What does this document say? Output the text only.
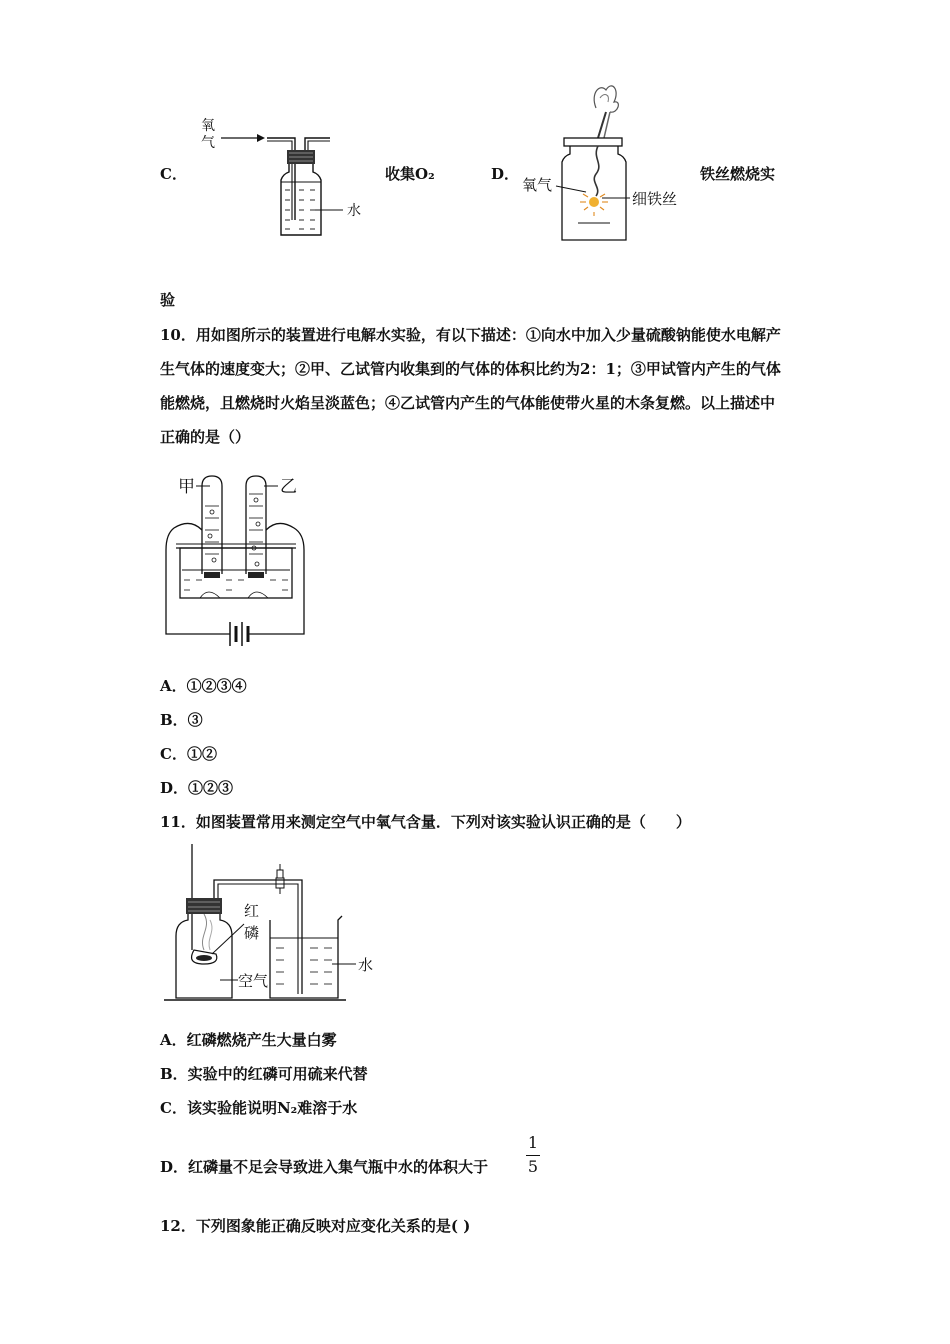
C．
氧
气
水
收集O₂	D．
氧气
细铁丝
铁丝燃烧实
验
10．用如图所示的装置进行电解水实验，有以下描述：①向水中加入少量硫酸钠能使水电解产生气体的速度变大；②甲、乙试管内收集到的气体的体积比约为2：1；③甲试管内产生的气体能燃烧，且燃烧时火焰呈淡蓝色；④乙试管内产生的气体能使带火星的木条复燃。以上描述中正确的是（）
甲	乙
A．①②③④
B．③
C．①②
D．①②③
11．如图装置常用来测定空气中氧气含量．下列对该实验认识正确的是（　　）
红
磷
空气
水
A．红磷燃烧产生大量白雾
B．实验中的红磷可用硫来代替
C．该实验能说明N₂难溶于水
D．红磷量不足会导致进入集气瓶中水的体积大于
1
5
12．下列图象能正确反映对应变化关系的是( )
